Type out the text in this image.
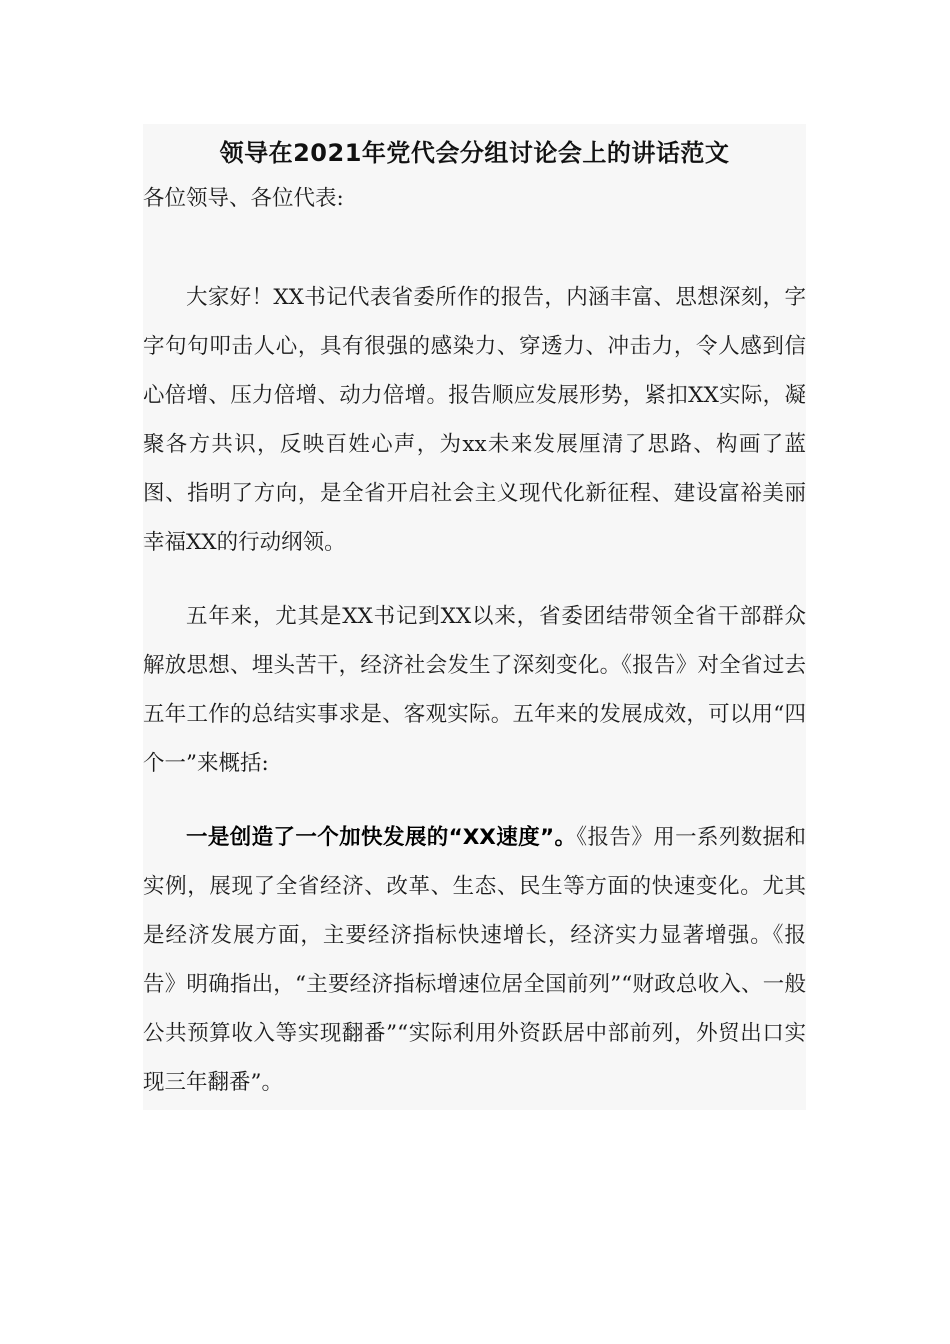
领导在2021年党代会分组讨论会上的讲话范文

各位领导、各位代表:

大家好！XX书记代表省委所作的报告，内涵丰富、思想深刻，字字句句叩击人心，具有很强的感染力、穿透力、冲击力，令人感到信心倍增、压力倍增、动力倍增。报告顺应发展形势，紧扣XX实际，凝聚各方共识，反映百姓心声，为xx未来发展厘清了思路、构画了蓝图、指明了方向，是全省开启社会主义现代化新征程、建设富裕美丽幸福XX的行动纲领。

五年来，尤其是XX书记到XX以来，省委团结带领全省干部群众解放思想、埋头苦干，经济社会发生了深刻变化。《报告》对全省过去五年工作的总结实事求是、客观实际。五年来的发展成效，可以用“四个一”来概括:

一是创造了一个加快发展的“XX速度”。《报告》用一系列数据和实例，展现了全省经济、改革、生态、民生等方面的快速变化。尤其是经济发展方面，主要经济指标快速增长，经济实力显著增强。《报告》明确指出，“主要经济指标增速位居全国前列”“财政总收入、一般公共预算收入等实现翻番”“实际利用外资跃居中部前列，外贸出口实现三年翻番”。
